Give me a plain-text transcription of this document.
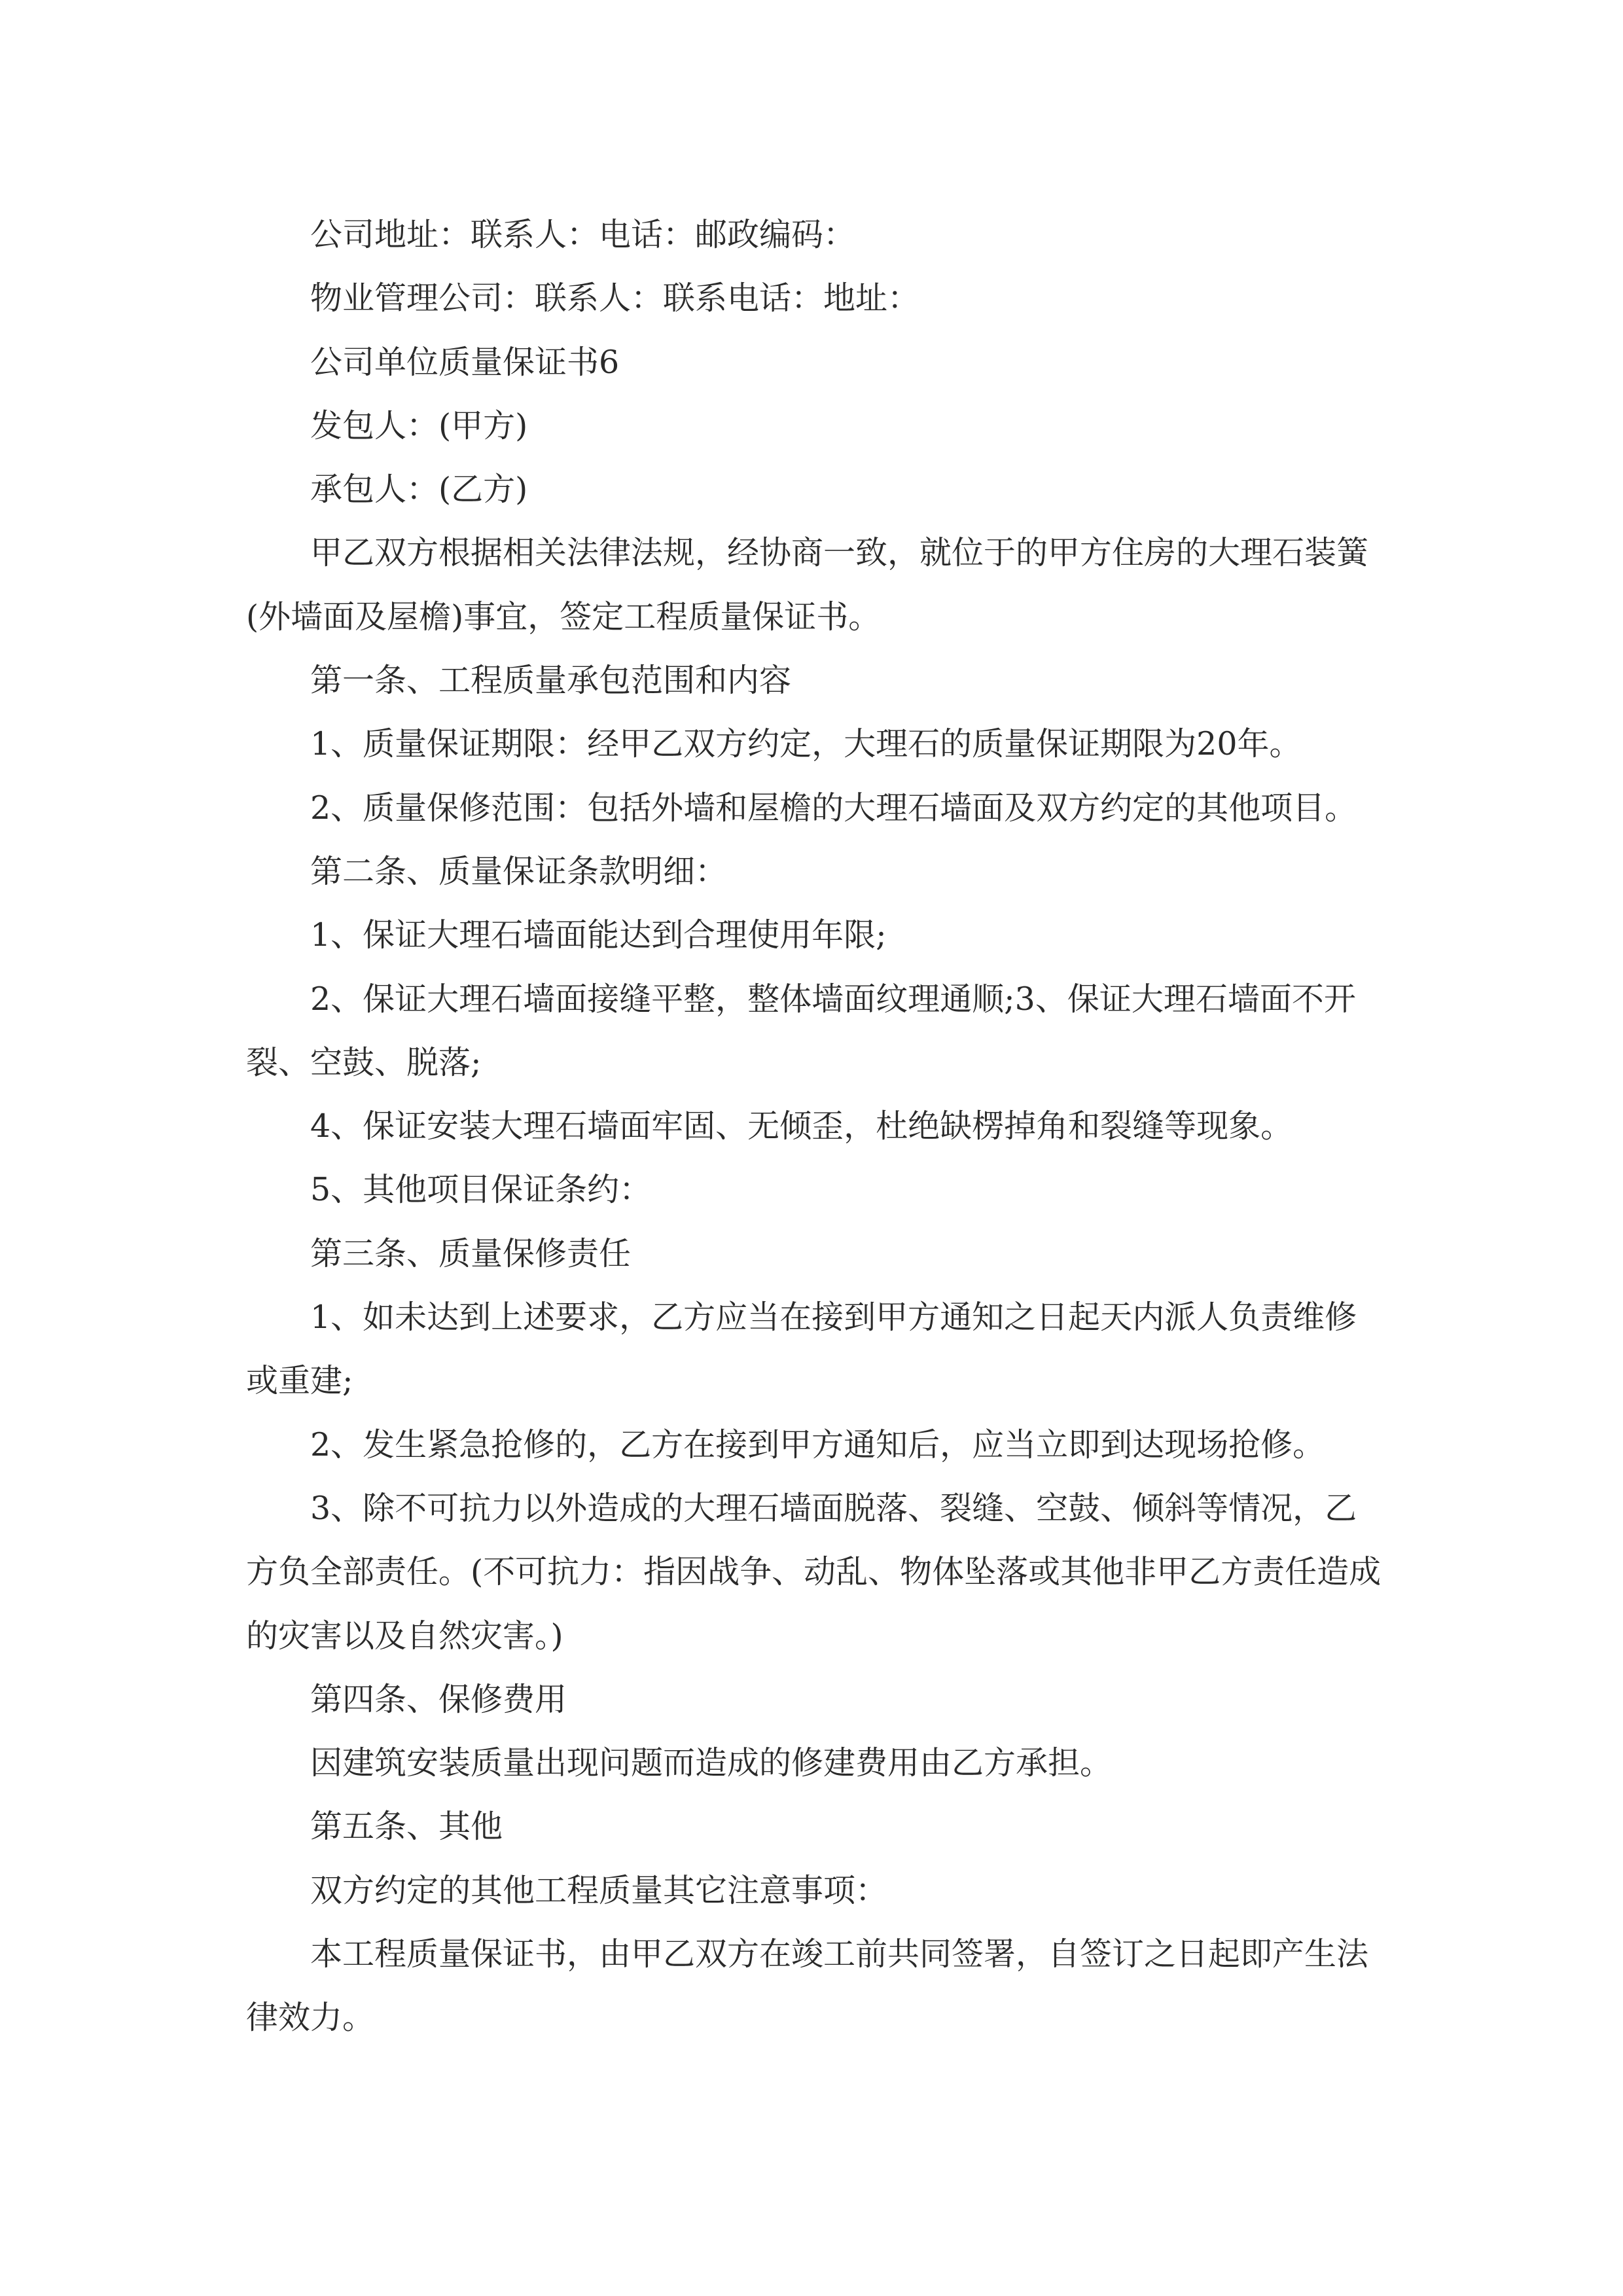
公司地址：联系人：电话：邮政编码：

物业管理公司：联系人：联系电话：地址：

公司单位质量保证书6

发包人：(甲方)

承包人：(乙方)

甲乙双方根据相关法律法规，经协商一致，就位于的甲方住房的大理石装簧(外墙面及屋檐)事宜，签定工程质量保证书。

第一条、工程质量承包范围和内容

1、质量保证期限：经甲乙双方约定，大理石的质量保证期限为20年。

2、质量保修范围：包括外墙和屋檐的大理石墙面及双方约定的其他项目。

第二条、质量保证条款明细：

1、保证大理石墙面能达到合理使用年限;

2、保证大理石墙面接缝平整，整体墙面纹理通顺;3、保证大理石墙面不开裂、空鼓、脱落;

4、保证安装大理石墙面牢固、无倾歪，杜绝缺楞掉角和裂缝等现象。

5、其他项目保证条约：

第三条、质量保修责任

1、如未达到上述要求，乙方应当在接到甲方通知之日起天内派人负责维修或重建;

2、发生紧急抢修的，乙方在接到甲方通知后，应当立即到达现场抢修。

3、除不可抗力以外造成的大理石墙面脱落、裂缝、空鼓、倾斜等情况，乙方负全部责任。(不可抗力：指因战争、动乱、物体坠落或其他非甲乙方责任造成的灾害以及自然灾害。)

第四条、保修费用

因建筑安装质量出现问题而造成的修建费用由乙方承担。

第五条、其他

双方约定的其他工程质量其它注意事项：

本工程质量保证书，由甲乙双方在竣工前共同签署，自签订之日起即产生法律效力。
